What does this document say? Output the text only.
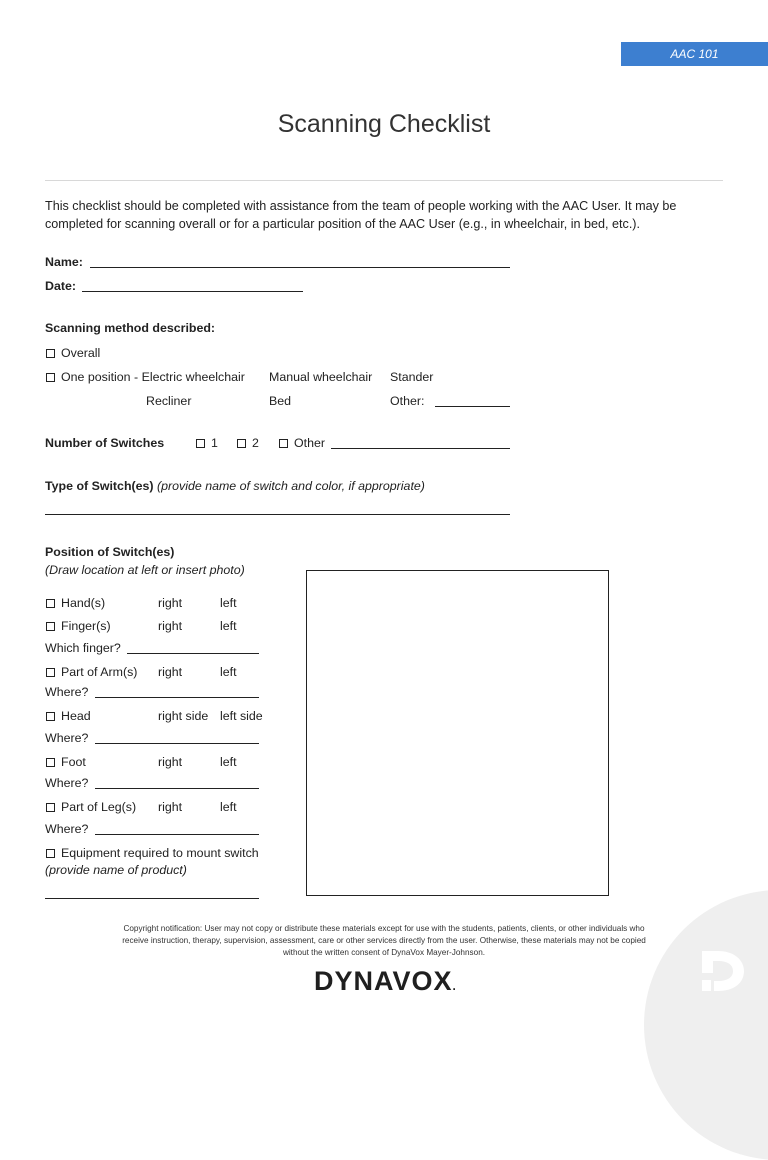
AAC 101
Scanning Checklist
This checklist should be completed with assistance from the team of people working with the AAC User. It may be completed for scanning overall or for a particular position of the AAC User (e.g., in wheelchair, in bed, etc.).
Name:
Date:
Scanning method described:
Overall
One position - Electric wheelchair Manual wheelchair Stander
Recliner	Bed	Other:
Number of Switches	1	2	Other
Type of Switch(es) (provide name of switch and color, if appropriate)
Position of Switch(es)
(Draw location at left or insert photo)
Hand(s)	right	left
Finger(s)	right	left
Which finger?
Part of Arm(s) right	left
Where?
Head	right side left side
Where?
Foot	right	left
Where?
Part of Leg(s) right	left
Where?
Equipment required to mount switch
(provide name of product)
Copyright notification: User may not copy or distribute these materials except for use with the students, patients, clients, or other individuals who receive instruction, therapy, supervision, assessment, care or other services directly from the user. Otherwise, these materials may not be copied without the written consent of DynaVox Mayer-Johnson.
DYNAVOX.
